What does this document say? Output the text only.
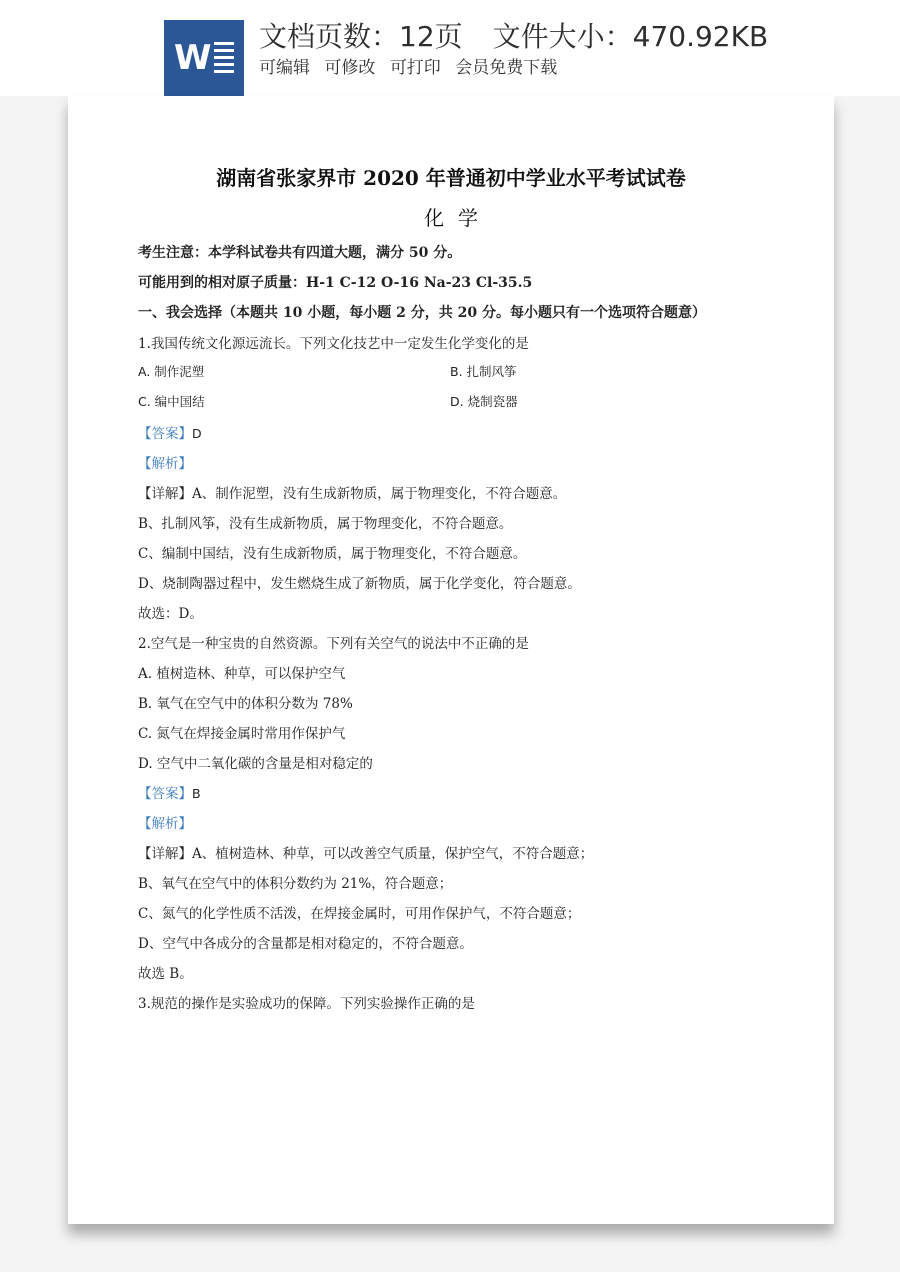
W
文档页数：12页 文件大小：470.92KB
可编辑 可修改 可打印 会员免费下载
湖南省张家界市 2020 年普通初中学业水平考试试卷
化学
考生注意：本学科试卷共有四道大题，满分 50 分。
可能用到的相对原子质量：H-1 C-12 O-16 Na-23 Cl-35.5
一、我会选择（本题共 10 小题，每小题 2 分，共 20 分。每小题只有一个选项符合题意）
1.我国传统文化源远流长。下列文化技艺中一定发生化学变化的是
A. 制作泥塑	B. 扎制风筝
C. 编中国结	D. 烧制瓷器
【答案】D
【解析】
【详解】A、制作泥塑，没有生成新物质，属于物理变化，不符合题意。
B、扎制风筝，没有生成新物质，属于物理变化，不符合题意。
C、编制中国结，没有生成新物质，属于物理变化，不符合题意。
D、烧制陶器过程中，发生燃烧生成了新物质，属于化学变化，符合题意。
故选：D。
2.空气是一种宝贵的自然资源。下列有关空气的说法中不正确的是
A. 植树造林、种草，可以保护空气
B. 氧气在空气中的体积分数为 78%
C. 氮气在焊接金属时常用作保护气
D. 空气中二氧化碳的含量是相对稳定的
【答案】B
【解析】
【详解】A、植树造林、种草，可以改善空气质量，保护空气，不符合题意；
B、氧气在空气中的体积分数约为 21%，符合题意；
C、氮气的化学性质不活泼，在焊接金属时，可用作保护气，不符合题意；
D、空气中各成分的含量都是相对稳定的，不符合题意。
故选 B。
3.规范的操作是实验成功的保障。下列实验操作正确的是
